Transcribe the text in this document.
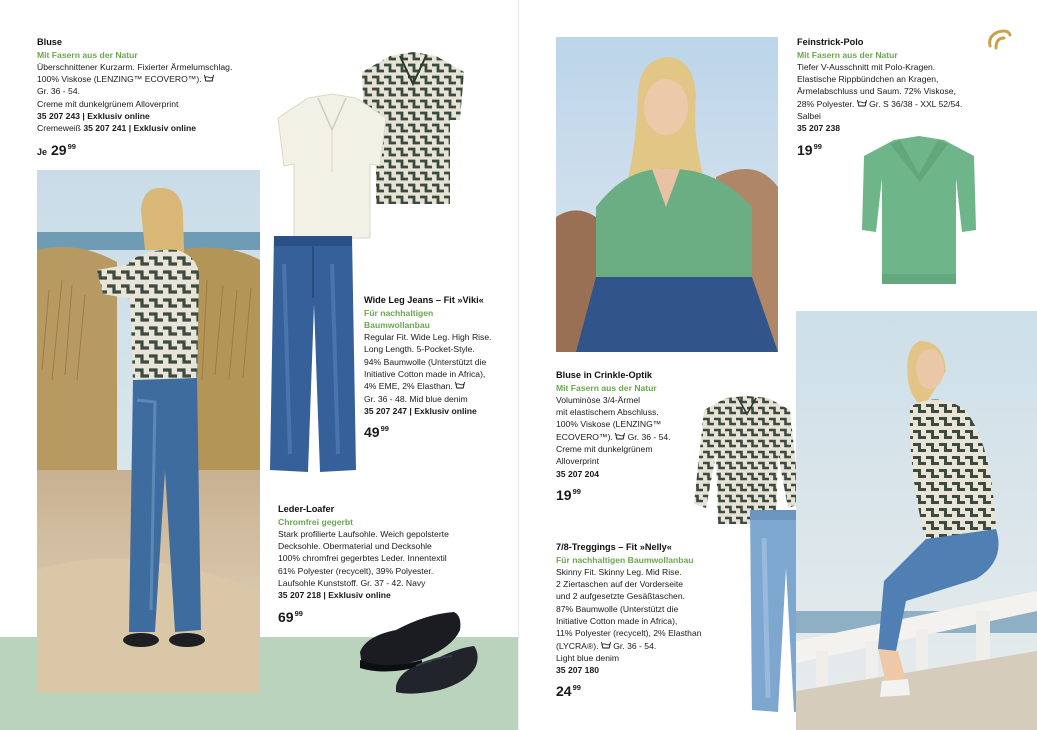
Bluse
Mit Fasern aus der Natur
Überschnittener Kurzarm. Fixierter Ärmelumschlag.
100% Viskose (LENZING™ ECOVERO™).
Gr. 36 - 54.
Creme mit dunkelgrünem Alloverprint
35 207 243 | Exklusiv online
Cremeweiß 35 207 241 | Exklusiv online
Je $29^{99}$
Wide Leg Jeans – Fit »Viki«
Für nachhaltigen
Baumwollanbau
Regular Fit. Wide Leg. High Rise.
Long Length. 5-Pocket-Style.
94% Baumwolle (Unterstützt die
Initiative Cotton made in Africa),
4% EME, 2% Elasthan.
Gr. 36 - 48. Mid blue denim
35 207 247 | Exklusiv online
$49^{99}$
Leder-Loafer
Chromfrei gegerbt
Stark profilierte Laufsohle. Weich gepolsterte
Decksohle. Obermaterial und Decksohle
100% chromfrei gegerbtes Leder. Innentextil
61% Polyester (recycelt), 39% Polyester.
Laufsohle Kunststoff. Gr. 37 - 42. Navy
35 207 218 | Exklusiv online
$69^{99}$
Bluse in Crinkle-Optik
Mit Fasern aus der Natur
Voluminöse 3/4-Ärmel
mit elastischem Abschluss.
100% Viskose (LENZING™
ECOVERO™).  Gr. 36 - 54.
Creme mit dunkelgrünem
Alloverprint
35 207 204
$19^{99}$
7/8-Treggings – Fit »Nelly«
Für nachhaltigen Baumwollanbau
Skinny Fit. Skinny Leg. Mid Rise.
2 Ziertaschen auf der Vorderseite
und 2 aufgesetzte Gesäßtaschen.
87% Baumwolle (Unterstützt die
Initiative Cotton made in Africa),
11% Polyester (recycelt), 2% Elasthan
(LYCRA®).  Gr. 36 - 54.
Light blue denim
35 207 180
$24^{99}$
Feinstrick-Polo
Mit Fasern aus der Natur
Tiefer V-Ausschnitt mit Polo-Kragen.
Elastische Rippbündchen an Kragen,
Ärmelabschluss und Saum. 72% Viskose,
28% Polyester.  Gr. S 36/38 - XXL 52/54.
Salbei
35 207 238
$19^{99}$
